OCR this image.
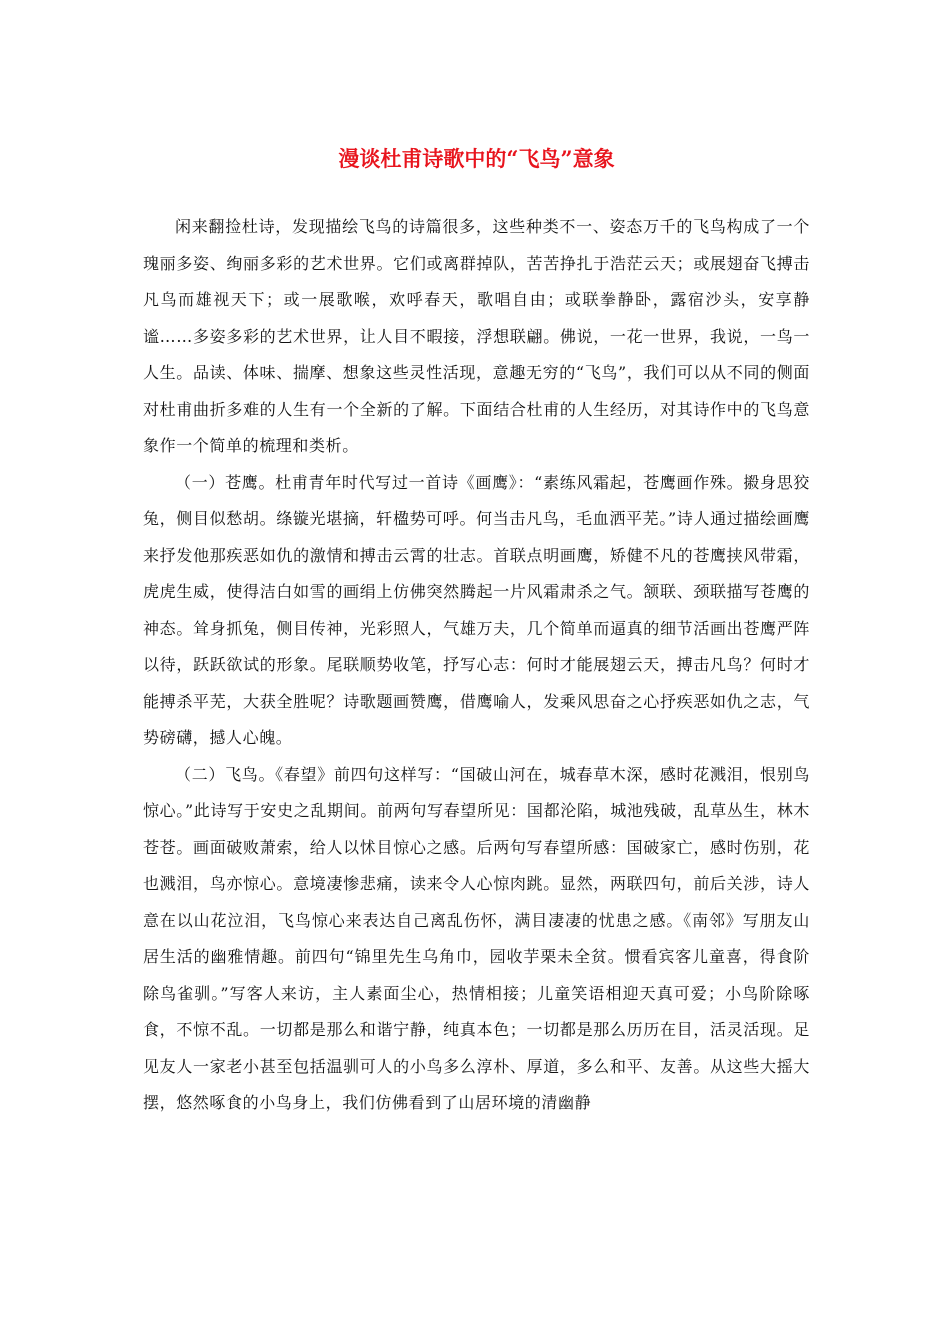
漫谈杜甫诗歌中的“飞鸟”意象

闲来翻捡杜诗，发现描绘飞鸟的诗篇很多，这些种类不一、姿态万千的飞鸟构成了一个瑰丽多姿、绚丽多彩的艺术世界。它们或离群掉队，苦苦挣扎于浩茫云天；或展翅奋飞搏击凡鸟而雄视天下；或一展歌喉，欢呼春天，歌唱自由；或联拳静卧，露宿沙头，安享静谧……多姿多彩的艺术世界，让人目不暇接，浮想联翩。佛说，一花一世界，我说，一鸟一人生。品读、体味、揣摩、想象这些灵性活现，意趣无穷的“飞鸟”，我们可以从不同的侧面对杜甫曲折多难的人生有一个全新的了解。下面结合杜甫的人生经历，对其诗作中的飞鸟意象作一个简单的梳理和类析。

（一）苍鹰。杜甫青年时代写过一首诗《画鹰》：“素练风霜起，苍鹰画作殊。摋身思狡兔，侧目似愁胡。绦镟光堪摘，轩楹势可呼。何当击凡鸟，毛血洒平芜。”诗人通过描绘画鹰来抒发他那疾恶如仇的激情和搏击云霄的壮志。首联点明画鹰，矫健不凡的苍鹰挟风带霜，虎虎生威，使得洁白如雪的画绢上仿佛突然腾起一片风霜肃杀之气。颔联、颈联描写苍鹰的神态。耸身抓兔，侧目传神，光彩照人，气雄万夫，几个简单而逼真的细节活画出苍鹰严阵以待，跃跃欲试的形象。尾联顺势收笔，抒写心志：何时才能展翅云天，搏击凡鸟？何时才能搏杀平芜，大获全胜呢？诗歌题画赞鹰，借鹰喻人，发乘风思奋之心抒疾恶如仇之志，气势磅礴，撼人心魄。

（二）飞鸟。《春望》前四句这样写：“国破山河在，城春草木深，感时花溅泪，恨别鸟惊心。”此诗写于安史之乱期间。前两句写春望所见：国都沦陷，城池残破，乱草丛生，林木苍苍。画面破败萧索，给人以怵目惊心之感。后两句写春望所感：国破家亡，感时伤别，花也溅泪，鸟亦惊心。意境凄惨悲痛，读来令人心惊肉跳。显然，两联四句，前后关涉，诗人意在以山花泣泪，飞鸟惊心来表达自己离乱伤怀，满目凄凄的忧患之感。《南邻》写朋友山居生活的幽雅情趣。前四句“锦里先生乌角巾，园收芋栗未全贫。惯看宾客儿童喜，得食阶除鸟雀驯。”写客人来访，主人素面尘心，热情相接；儿童笑语相迎天真可爱；小鸟阶除啄食，不惊不乱。一切都是那么和谐宁静，纯真本色；一切都是那么历历在目，活灵活现。足见友人一家老小甚至包括温驯可人的小鸟多么淳朴、厚道，多么和平、友善。从这些大摇大摆，悠然啄食的小鸟身上，我们仿佛看到了山居环境的清幽静
